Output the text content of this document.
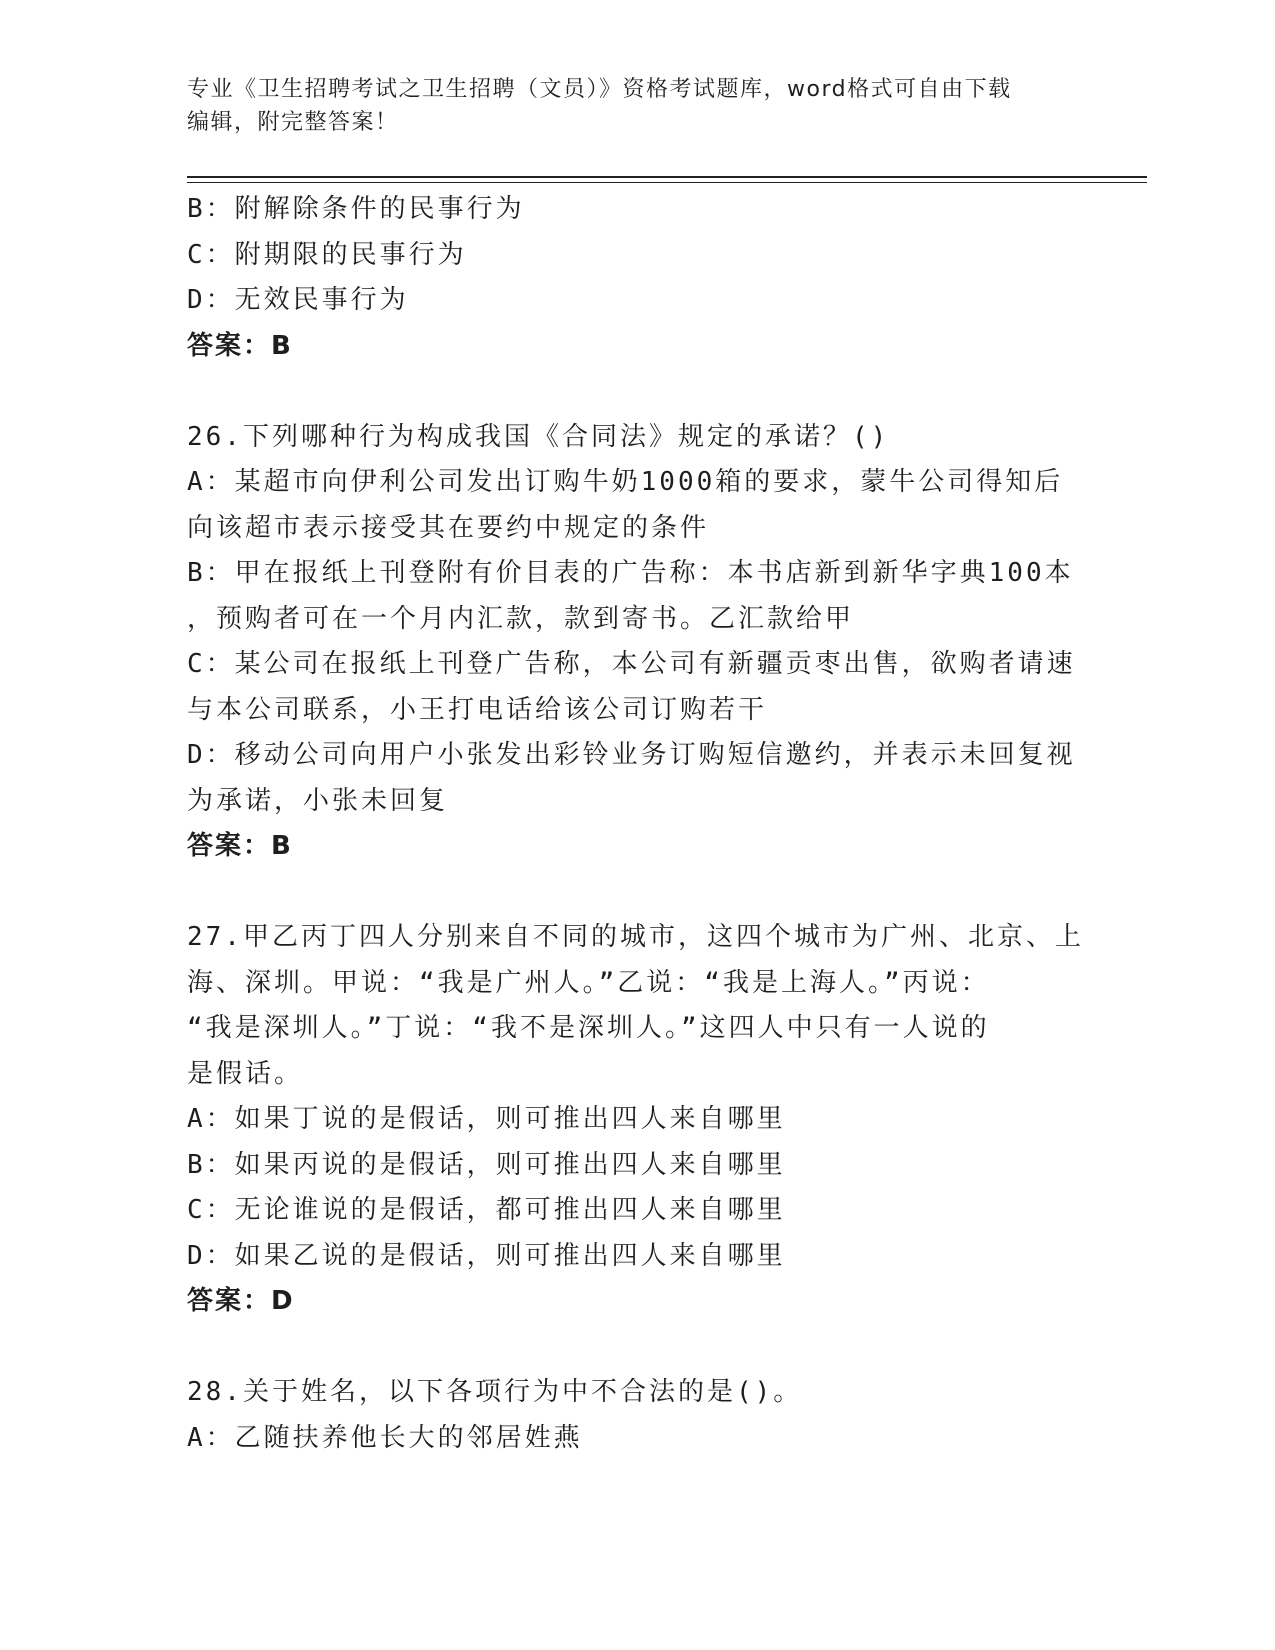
专业《卫生招聘考试之卫生招聘（文员）》资格考试题库，word格式可自由下载
编辑，附完整答案！
B：附解除条件的民事行为
C：附期限的民事行为
D：无效民事行为
答案：B
26.下列哪种行为构成我国《合同法》规定的承诺？()
A：某超市向伊利公司发出订购牛奶1000箱的要求，蒙牛公司得知后
向该超市表示接受其在要约中规定的条件
B：甲在报纸上刊登附有价目表的广告称：本书店新到新华字典100本
，预购者可在一个月内汇款，款到寄书。乙汇款给甲
C：某公司在报纸上刊登广告称，本公司有新疆贡枣出售，欲购者请速
与本公司联系，小王打电话给该公司订购若干
D：移动公司向用户小张发出彩铃业务订购短信邀约，并表示未回复视
为承诺，小张未回复
答案：B
27.甲乙丙丁四人分别来自不同的城市，这四个城市为广州、北京、上
海、深圳。甲说：“我是广州人。”乙说：“我是上海人。”丙说：
“我是深圳人。”丁说：“我不是深圳人。”这四人中只有一人说的
是假话。
A：如果丁说的是假话，则可推出四人来自哪里
B：如果丙说的是假话，则可推出四人来自哪里
C：无论谁说的是假话，都可推出四人来自哪里
D：如果乙说的是假话，则可推出四人来自哪里
答案：D
28.关于姓名，以下各项行为中不合法的是()。
A：乙随扶养他长大的邻居姓燕
